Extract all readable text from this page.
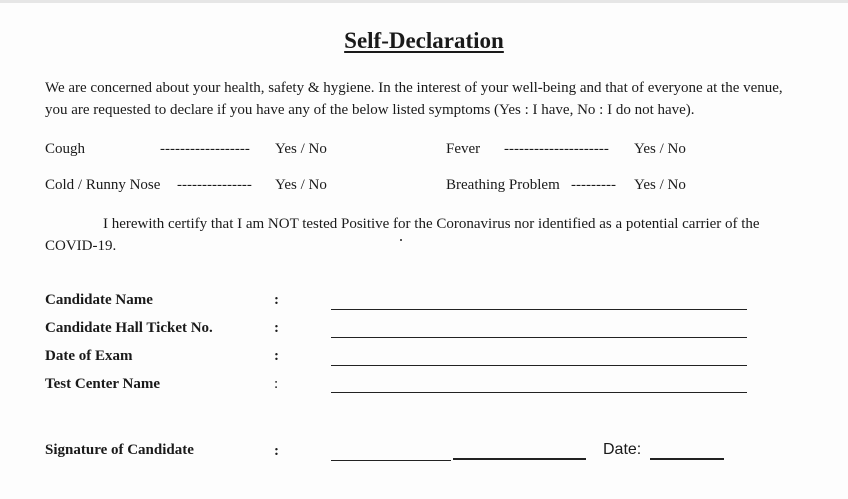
Self-Declaration
We are concerned about your health, safety & hygiene. In the interest of your well-being and that of everyone at the venue,
you are requested to declare if you have any of the below listed symptoms (Yes : I have, No : I do not have).
Cough	------------------ Yes / No	Fever --------------------- Yes / No
Cold / Runny Nose --------------- Yes / No	Breathing Problem --------- Yes / No
I herewith certify that I am NOT tested Positive for the Coronavirus nor identified as a potential carrier of the
COVID-19.
Candidate Name	:
Candidate Hall Ticket No.	:
Date of Exam	:
Test Center Name	:
Signature of Candidate	:	Date:
